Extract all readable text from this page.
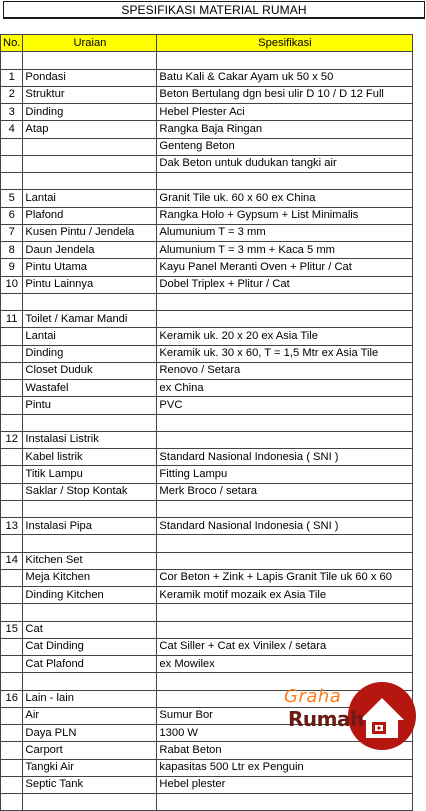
SPESIFIKASI MATERIAL RUMAH
No.	Uraian	Spesifikasi

1	Pondasi	Batu Kali & Cakar Ayam uk 50 x 50
2	Struktur	Beton Bertulang dgn besi ulir D 10 / D 12 Full
3	Dinding	Hebel Plester Aci
4	Atap	Rangka Baja Ringan
		Genteng Beton
		Dak Beton untuk dudukan tangki air

5	Lantai	Granit Tile uk. 60 x 60 ex China
6	Plafond	Rangka Holo + Gypsum + List Minimalis
7	Kusen Pintu / Jendela	Alumunium T = 3 mm
8	Daun Jendela	Alumunium T = 3 mm + Kaca 5 mm
9	Pintu Utama	Kayu Panel Meranti Oven + Plitur / Cat
10	Pintu Lainnya	Dobel Triplex + Plitur / Cat

11	Toilet / Kamar Mandi	
	Lantai	Keramik uk. 20 x 20 ex Asia Tile
	Dinding	Keramik uk. 30 x 60, T = 1,5 Mtr ex Asia Tile
	Closet Duduk	Renovo / Setara
	Wastafel	ex China
	Pintu	PVC

12	Instalasi Listrik	
	Kabel listrik	Standard Nasional Indonesia ( SNI )
	Titik Lampu	Fitting Lampu
	Saklar / Stop Kontak	Merk Broco / setara

13	Instalasi Pipa	Standard Nasional Indonesia ( SNI )

14	Kitchen Set	
	Meja Kitchen	Cor Beton + Zink + Lapis Granit Tile uk 60 x 60
	Dinding Kitchen	Keramik motif mozaik ex Asia Tile

15	Cat	
	Cat Dinding	Cat Siller + Cat ex Vinilex / setara
	Cat Plafond	ex Mowilex

16	Lain - lain	
	Air	Sumur Bor
	Daya PLN	1300 W
	Carport	Rabat Beton
	Tangki Air	kapasitas 500 Ltr ex Penguin
	Septic Tank	Hebel plester

Graha
Rumah
